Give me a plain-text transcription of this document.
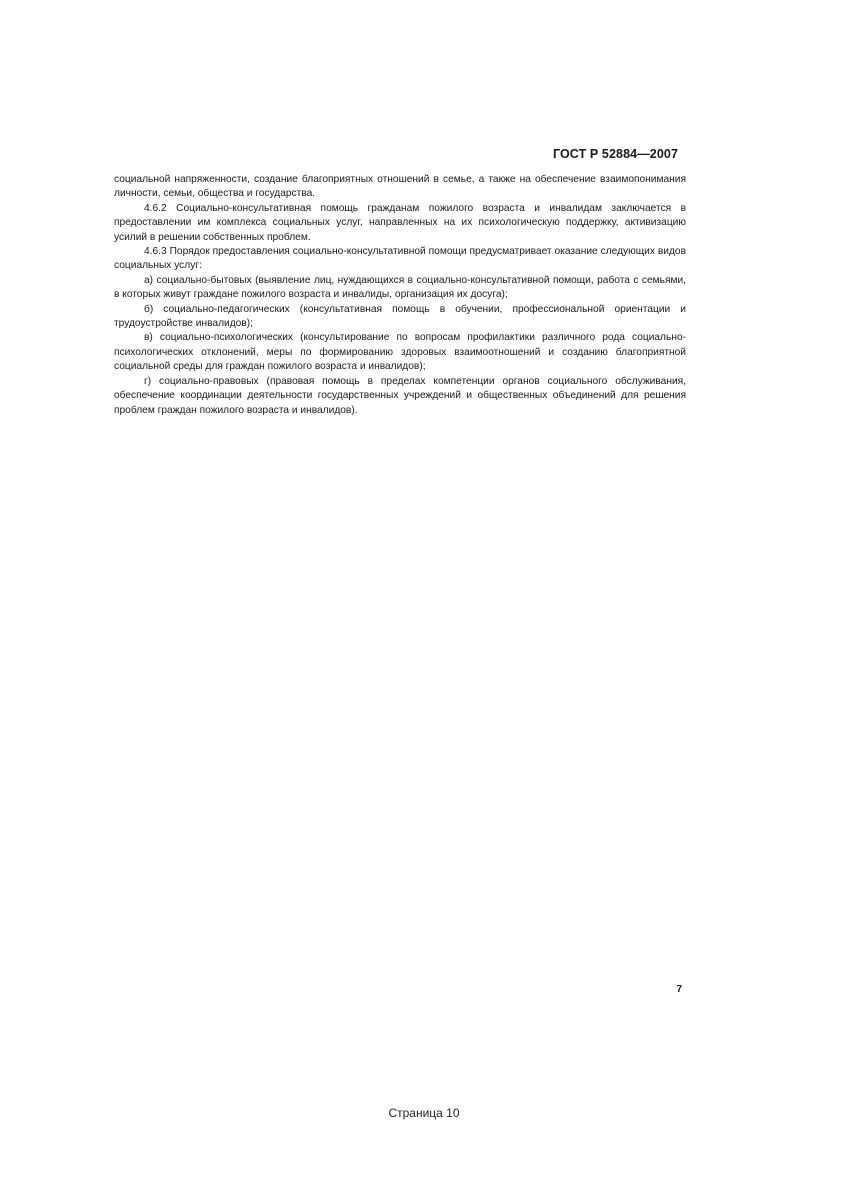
ГОСТ Р 52884—2007

социальной напряженности, создание благоприятных отношений в семье, а также на обеспечение взаимопонимания личности, семьи, общества и государства.

4.6.2 Социально-консультативная помощь гражданам пожилого возраста и инвалидам заключается в предоставлении им комплекса социальных услуг, направленных на их психологическую поддержку, активизацию усилий в решении собственных проблем.

4.6.3 Порядок предоставления социально-консультативной помощи предусматривает оказание следующих видов социальных услуг:

а) социально-бытовых (выявление лиц, нуждающихся в социально-консультативной помощи, работа с семьями, в которых живут граждане пожилого возраста и инвалиды, организация их досуга);

б) социально-педагогических (консультативная помощь в обучении, профессиональной ориентации и трудоустройстве инвалидов);

в) социально-психологических (консультирование по вопросам профилактики различного рода социально-психологических отклонений, меры по формированию здоровых взаимоотношений и созданию благоприятной социальной среды для граждан пожилого возраста и инвалидов);

г) социально-правовых (правовая помощь в пределах компетенции органов социального обслуживания, обеспечение координации деятельности государственных учреждений и общественных объединений для решения проблем граждан пожилого возраста и инвалидов).

7
Страница 10
